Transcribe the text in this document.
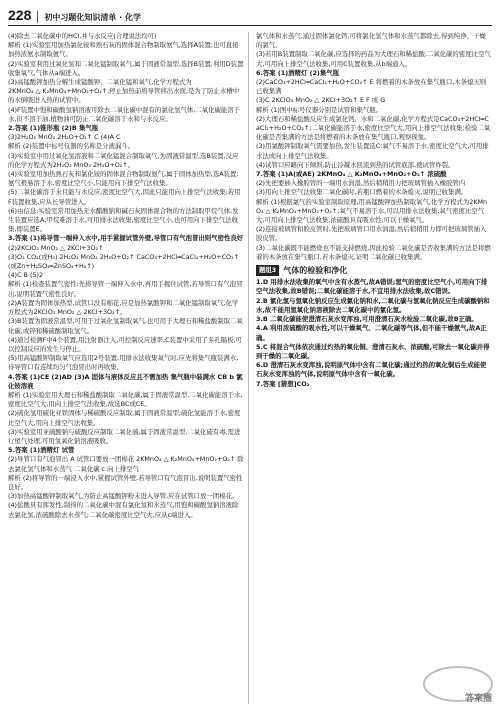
228 初中习题化知识清单 · 化学
(4)除去二氧化碳中的HCl,并与水反应(合理说法均可)
解析 (1)实验室用加热氯化铵和熟石灰的固体混合物制取氨气,选择A装置;也可直接加热浓氨水制取氨气。
(2)实验室利用过氧化氢和二氧化锰制取氧气,属于固液常温型,选择B装置;利用D装置收集氧气,气体从a端进入。
(3)高锰酸钾加热分解生成锰酸钾、二氧化锰和氧气,化学方程式为
2KMnO₄ △ K₂MnO₄+MnO₂+O₂↑;停止加热前将导管移出水面,是为了防止水槽中的水倒吸进入热的试管中。
(4)F装置中饱和碳酸氢钠溶液可除去二氧化碳中混有的氯化氢气体,二氧化碳能溶于水,但不溶于油,植物油可防止二氧化碳溶于水和与水反应。
2.答案 (1)锥形瓶 (2)B 集气瓶
(3)2H₂O₂ MnO₂ 2H₂O+O₂↑ C (4)A C
解析 (2)装置中标号仪器的名称是分液漏斗。
(3)实验室中用过氧化氢溶液和二氧化锰混合制取氧气,为固液常温型,选B装置,反应的化学方程式为2H₂O₂ MnO₂ 2H₂O+O₂↑。
(4)实验室用加热熟石灰和氯化铵的固体混合物制取氨气,属于固体加热型,选A装置;氨气极易溶于水,密度比空气小,只能用向下排空气法收集。
(5)二氧化碳溶于水且能与水反应,密度比空气大,因此只能用向上排空气法收集;若用F装置收集,应从长导管进入。
(6)由信息:实验室常用加热无水醋酸钠和碱石灰固体混合物的方法制取甲烷气体,发生装置应选A;甲烷难溶于水,可用排水法收集,密度比空气小,也可用向下排空气法收集,即装置E。
3.答案 (1)将导管一端伸入水中,用手紧握试管外壁,导管口有气泡冒出则气密性良好
(2)2KClO₃ MnO₂ △ 2KCl+3O₂↑
(3)O₂ CO₂(或H₂) 2H₂O₂ MnO₂ 2H₂O+O₂↑ CaCO₃+2HCl═CaCl₂+H₂O+CO₂↑(或Zn+H₂SO₄═ZnSO₄+H₂↑)
(4)C B (5)2
解析 (1)检查装置气密性:先将导管一端伸入水中,再用手握住试管,若导管口有气泡冒出,说明装置气密性良好。
(2)A装置为固体加热型,试管口没有棉花,应是加热氯酸钾和二氧化锰制取氧气,化学方程式为2KClO₃ MnO₂ △ 2KCl+3O₂↑。
(3)B装置为固液常温型,可用于过氧化氢制取氧气,也可用于大理石和稀盐酸制取二氧化碳,或锌和稀硫酸制取氢气。
(4)通过检测F中4个装置,用注射器注入,可控制反应速率,C装置中采用了多孔隔板,可以控制反应的发生与停止。
(5)用高锰酸钾制取氧气应选用2号装置;用排水法收集氧气时,应先将集气瓶装满水,待导管口有连续均匀气泡冒出时再收集。
4.答案 (1)CE (2)AD (3)A 固体与液体反应且不需加热 集气瓶中装满水 CB b 氯化铵溶液
解析 (1)实验室用大理石和稀盐酸制取二氧化碳,属于固液常温型,二氧化碳能溶于水,密度比空气大,用向上排空气法收集,故选BC或CE。
(2)硫化氢用硫化亚铁固体与稀硫酸反应制取,属于固液常温型;硫化氢能溶于水,密度比空气大,用向上排空气法收集。
(3)实验室用亚硫酸钠与硫酸反应制取二氧化硫,属于固液常温型,二氧化硫有毒,需进行尾气处理,可用氢氧化钠溶液吸收。
5.答案 (1)酒精灯 试管
(2)导管口有气泡冒出 A 试管口要放一团棉花 2KMnO₄ △ K₂MnO₄+MnO₂+O₂↑ 除去氯化氢气体和水蒸气 二氧化碳 c 向上排空气
解析 (2)将导管的一端浸入水中,紧握试管外壁,若导管口有气泡冒出,说明装置气密性良好。
(3)加热高锰酸钾制取氧气,为防止高锰酸钾粉末进入导管,应在试管口放一团棉花。
(4)盐酸具有挥发性,制得的二氧化碳中混有氯化氢和水蒸气,用饱和碳酸氢钠溶液除去氯化氢,浓硫酸除去水蒸气;二氧化碳密度比空气大,应从c端进入。
氯气体和水蒸气,通过固体氯化钙,可将氯化氢气体和水蒸气都除去,得到纯净、干燥的氯气。
(3)若用B装置制取二氧化碳,应选择的药品为大理石和稀盐酸,二氧化碳的密度比空气大,可用向上排空气法收集,可用C装置收集,从b端通入。
6.答案 (1)酒精灯 (2)集气瓶
(2)CaCO₃+2HCl═CaCl₂+H₂O+CO₂↑ E 将燃着的木条放在集气瓶口,木条熄灭则已收集满
(3)C 2KClO₃ MnO₂ △ 2KCl+3O₂↑ E F 或 G
解析 (1)图中标号仪器分别是试管和集气瓶。
(2)大理石和稀盐酸反应生成氯化钙、水和二氧化碳,化学方程式是CaCO₃+2HCl═CaCl₂+H₂O+CO₂↑;二氧化碳能溶于水,密度比空气大,用向上排空气法收集;检验二氧化碳是否集满的方法是将燃着的木条放在集气瓶口,观察现象。
(3)用氯酸钾制取氧气需要加热,发生装置选C;氧气不易溶于水,密度比空气大,可用排水法或向上排空气法收集。
(4)试管口应略向下倾斜,防止冷凝水回流到热的试管底部,使试管炸裂。
7.答案 (1)A(或AE) 2KMnO₄ △ K₂MnO₄+MnO₂+O₂↑ 浓硫酸
(2)先把要插入橡胶管的一端用水润湿,然后稍稍用力把玻璃管插入橡胶管内
(3)用向上排空气法收集二氧化碳时,若瓶口燃着的木条熄灭,说明已收集满。
解析 (1)根据氯气的实验室制取原理,用高锰酸钾加热制取氧气,化学方程式为2KMnO₄ △ K₂MnO₄+MnO₂+O₂↑;氧气不易溶于水,可以用排水法收集,氧气密度比空气大,可用向上排空气法收集,浓硫酸具有吸水性,可以干燥氧气。
(2)连接玻璃管和胶皮管时,先把玻璃管口用水润湿,然后稍稍用力即可把玻璃管插入胶皮管。
(3)二氧化碳既不能燃烧也不能支持燃烧,因此检验二氧化碳是否收集满的方法是将燃着的木条放在集气瓶口,若木条熄灭,证明二氧化碳已收集满。
题组3 气体的检验和净化
1.D 用排水法收集的氧气中含有水蒸气,故A错误;氢气的密度比空气小,可用向下排空气法收集,故B错误;二氧化碳能溶于水,不宜用排水法收集,故C错误。
2.B 氯化氢与氢氧化钠反应生成氯化钠和水,二氧化碳与氢氧化钠反应生成碳酸钠和水,故不能用氢氧化钠溶液除去二氧化碳中的氯化氢。
3.B 二氧化碳能使澄清石灰水变浑浊,可用澄清石灰水检验二氧化碳,故B正确。
4.A 利用浓硫酸的吸水性,可以干燥氧气、二氧化碳等气体,但不能干燥氨气,故A正确。
5.C 将混合气体依次通过灼热的氧化铜、澄清石灰水、浓硫酸,可除去一氧化碳并得到干燥的二氧化碳。
6.D 澄清石灰水变浑浊,说明原气体中含有二氧化碳;通过灼热的氧化铜后生成能使石灰水变浑浊的气体,说明原气体中含有一氧化碳。
7.答案 [猜想]CO₂
答案圈
